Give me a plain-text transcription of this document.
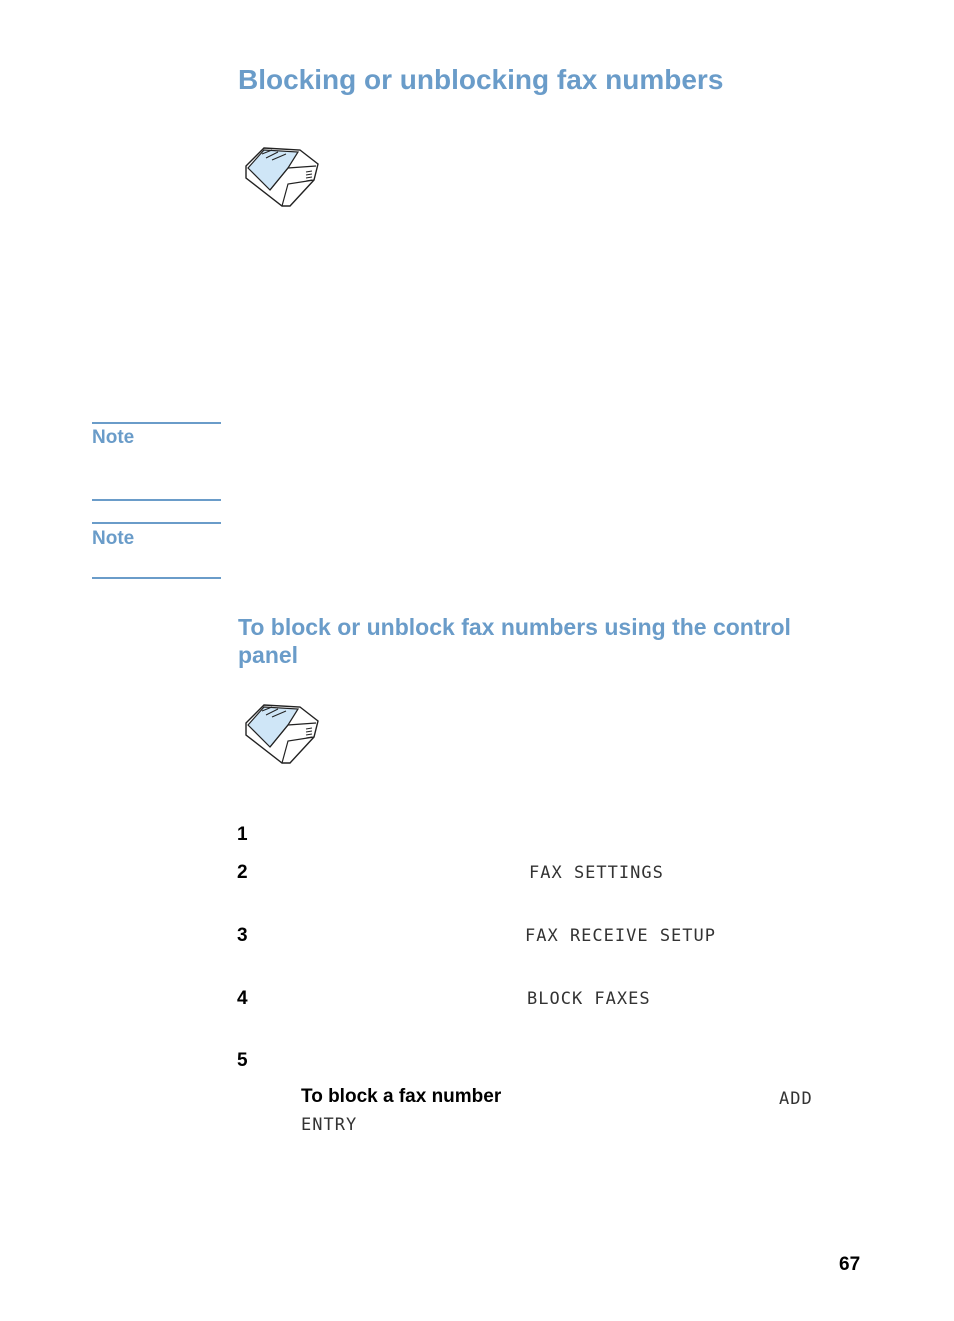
Blocking or unblocking fax numbers
Note
Note
To block or unblock fax numbers using the control panel
1
2	FAX SETTINGS
3	FAX RECEIVE SETUP
4	BLOCK FAXES
5
To block a fax number	ADD
ENTRY
67
